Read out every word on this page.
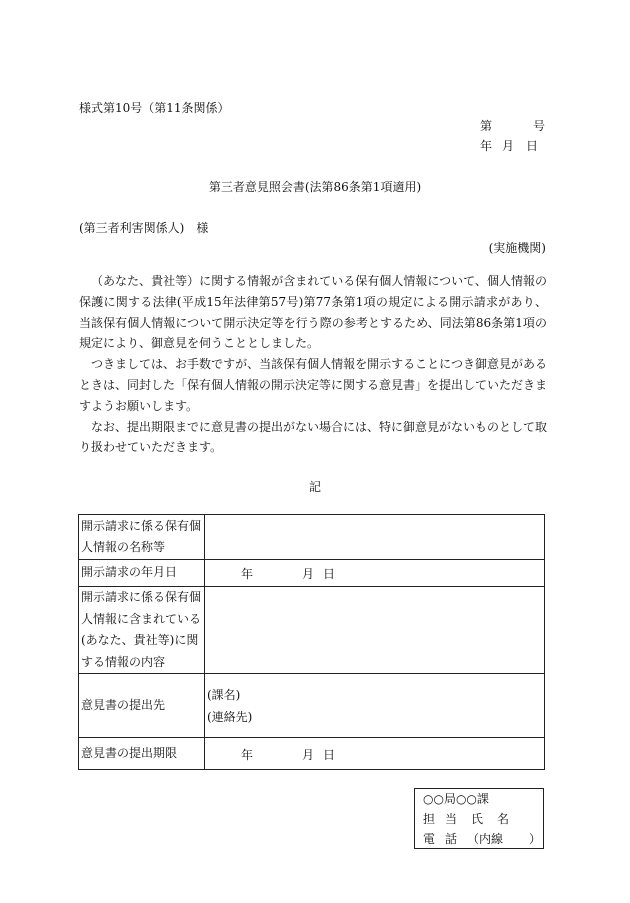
様式第10号（第11条関係）
第	号
年 月 日
第三者意見照会書(法第86条第1項適用)
(第三者利害関係人)　様
(実施機関)

（あなた、貴社等）に関する情報が含まれている保有個人情報について、個人情報の保護に関する法律(平成15年法律第57号)第77条第1項の規定による開示請求があり、当該保有個人情報について開示決定等を行う際の参考とするため、同法第86条第1項の規定により、御意見を伺うこととしました。

つきましては、お手数ですが、当該保有個人情報を開示することにつき御意見があるときは、同封した「保有個人情報の開示決定等に関する意見書」を提出していただきますようお願いします。

なお、提出期限までに意見書の提出がない場合には、特に御意見がないものとして取り扱わせていただきます。

記
開示請求に係る保有個人情報の名称等	
開示請求の年月日	年 月 日

開示請求に係る保有個人情報に含まれている(あなた、貴社等)に関する情報の内容	
意見書の提出先	(課名)
(連絡先)

意見書の提出期限	年 月 日
○○局○○課
担 当 氏 名
電 話 （内線 ）
